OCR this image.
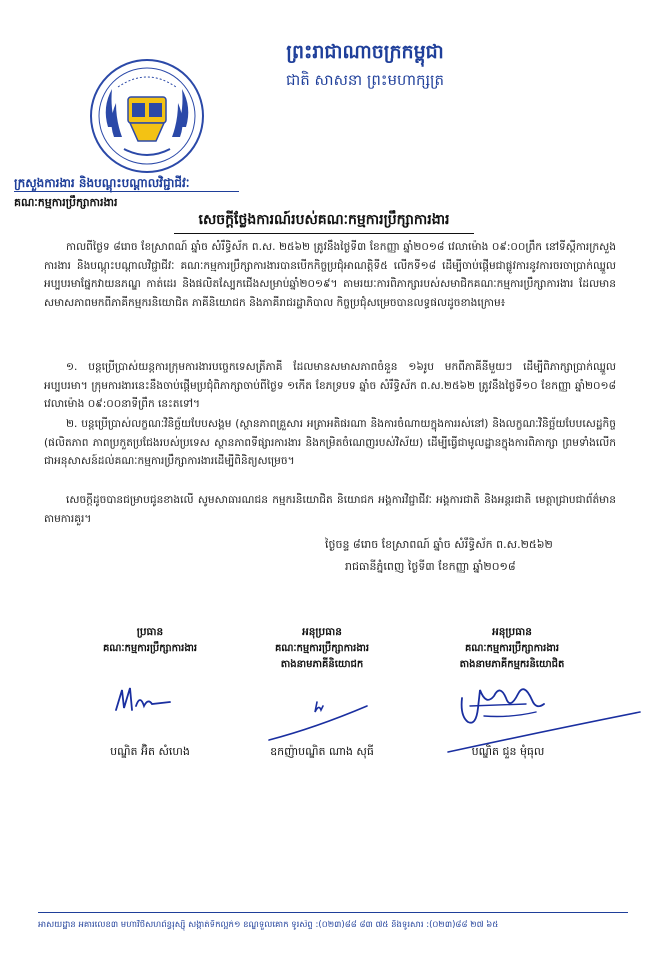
ព្រះរាជាណាចក្រកម្ពុជា
ជាតិ សាសនា ព្រះមហាក្សត្រ
ក្រសួងការងារ និងបណ្តុះបណ្តាលវិជ្ជាជីវៈ
គណៈកម្មការប្រឹក្សាការងារ
សេចក្តីថ្លែងការណ៍របស់គណៈកម្មការប្រឹក្សាការងារ
កាលពីថ្ងៃទ ៨រោច ខែស្រាពណ៍ ឆ្នាំច សំរឹទ្ធិស័ក ព.ស. ២៥៦២ ត្រូវនឹងថ្ងៃទី៣ ខែកញ្ញា ឆ្នាំ២០១៨ វេលាម៉ោង ០៩:០០ព្រឹក នៅទីស្តីការក្រសួងការងារ និងបណ្តុះបណ្តាលវិជ្ជាជីវៈ គណៈកម្មការប្រឹក្សាការងារបានបើកកិច្ចប្រជុំអាណត្តិទី៥ លើកទី១៨ ដើម្បីចាប់ផ្តើមជាផ្លូវការនូវការចរចាប្រាក់ឈ្នួលអប្បបរមាផ្នែកវាយនភណ្ឌ កាត់ដេរ និងផលិតស្បែកជើងសម្រាប់ឆ្នាំ២០១៩។ តាមរយៈការពិភាក្សារបស់សមាជិកគណៈកម្មការប្រឹក្សាការងារ ដែលមានសមាសភាពមកពីភាគីកម្មករនិយោជិត ភាគីនិយោជក និងភាគីរាជរដ្ឋាភិបាល កិច្ចប្រជុំសម្រេចបានលទ្ធផលដូចខាងក្រោម៖
១. បន្តប្រើប្រាស់យន្តការក្រុមការងារបច្ចេកទេសត្រីភាគី ដែលមានសមាសភាពចំនួន ១៦រូប មកពីភាគីនីមួយៗ ដើម្បីពិភាក្សាប្រាក់ឈ្នួលអប្បបរមា។ ក្រុមការងារនេះនឹងចាប់ផ្តើមប្រជុំពិភាក្សាចាប់ពីថ្ងៃទ ១កើត ខែភទ្របទ ឆ្នាំច សំរឹទ្ធិស័ក ព.ស.២៥៦២ ត្រូវនឹងថ្ងៃទី១០ ខែកញ្ញា ឆ្នាំ២០១៨ វេលាម៉ោង ០៩:០០នាទីព្រឹក នេះតទៅ។
២. បន្តប្រើប្រាស់លក្ខណៈវិនិច្ឆ័យបែបសង្គម (ស្ថានភាពគ្រួសារ អត្រាអតិផរណា និងការចំណាយក្នុងការរស់នៅ) និងលក្ខណៈវិនិច្ឆ័យបែបសេដ្ឋកិច្ច (ផលិតភាព ភាពប្រកួតប្រជែងរបស់ប្រទេស ស្ថានភាពទីផ្សារការងារ និងកម្រិតចំណេញរបស់វិស័យ) ដើម្បីធ្វើជាមូលដ្ឋានក្នុងការពិភាក្សា ព្រមទាំងលើកជាអនុសាសន៍ដល់គណៈកម្មការប្រឹក្សាការងារដើម្បីពិនិត្យសម្រេច។
សេចក្តីដូចបានជម្រាបជូនខាងលើ សូមសាធារណជន កម្មករនិយោជិត និយោជក អង្គការវិជ្ជាជីវៈ អង្គការជាតិ និងអន្តរជាតិ មេត្តាជ្រាបជាព័ត៌មានតាមការគួរ។
ថ្ងៃចន្ទ ៨រោច ខែស្រាពណ៍ ឆ្នាំច សំរឹទ្ធិស័ក ព.ស.២៥៦២
រាជធានីភ្នំពេញ ថ្ងៃទី៣ ខែកញ្ញា ឆ្នាំ២០១៨
ប្រធាន
គណៈកម្មការប្រឹក្សាការងារ
អនុប្រធាន
គណៈកម្មការប្រឹក្សាការងារ
តាងនាមភាគីនិយោជក
អនុប្រធាន
គណៈកម្មការប្រឹក្សាការងារ
តាងនាមភាគីកម្មករនិយោជិត
បណ្ឌិត អ៊ិត សំហេង	ឧកញ៉ាបណ្ឌិត ណាង សុធី	បណ្ឌិត ជួន មុំធុល
អាសយដ្ឋាន អគារលេខ៣ មហាវិថីសហព័ន្ធរុស្ស៊ី សង្កាត់ទឹកល្អក់១ ខណ្ឌទួលគោក ទូរស័ព្ទ :(០២៣)៨៨ ៨៣ ៧៥ និងទូរសារ :(០២៣)៨៨ ២៧ ៦៥
